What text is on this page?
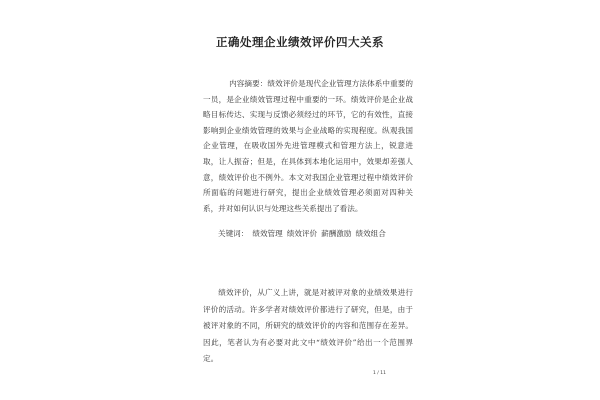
正确处理企业绩效评价四大关系
内容摘要：绩效评价是现代企业管理方法体系中重要的一员，是企业绩效管理过程中重要的一环。绩效评价是企业战略目标传达、实现与反馈必须经过的环节，它的有效性，直接影响到企业绩效管理的效果与企业战略的实现程度。纵观我国企业管理，在吸收国外先进管理模式和管理方法上，锐意进取，让人振奋；但是，在具体到本地化运用中，效果却差强人意，绩效评价也不例外。本文对我国企业管理过程中绩效评价所面临的问题进行研究，提出企业绩效管理必须面对四种关系，并对如何认识与处理这些关系提出了看法。
关键词： 绩效管理 绩效评价 薪酬激励 绩效组合
绩效评价，从广义上讲，就是对被评对象的业绩效果进行评价的活动。许多学者对绩效评价都进行了研究，但是，由于被评对象的不同，所研究的绩效评价的内容和范围存在差异。因此，笔者认为有必要对此文中“绩效评价”给出一个范围界定。
1 / 11
